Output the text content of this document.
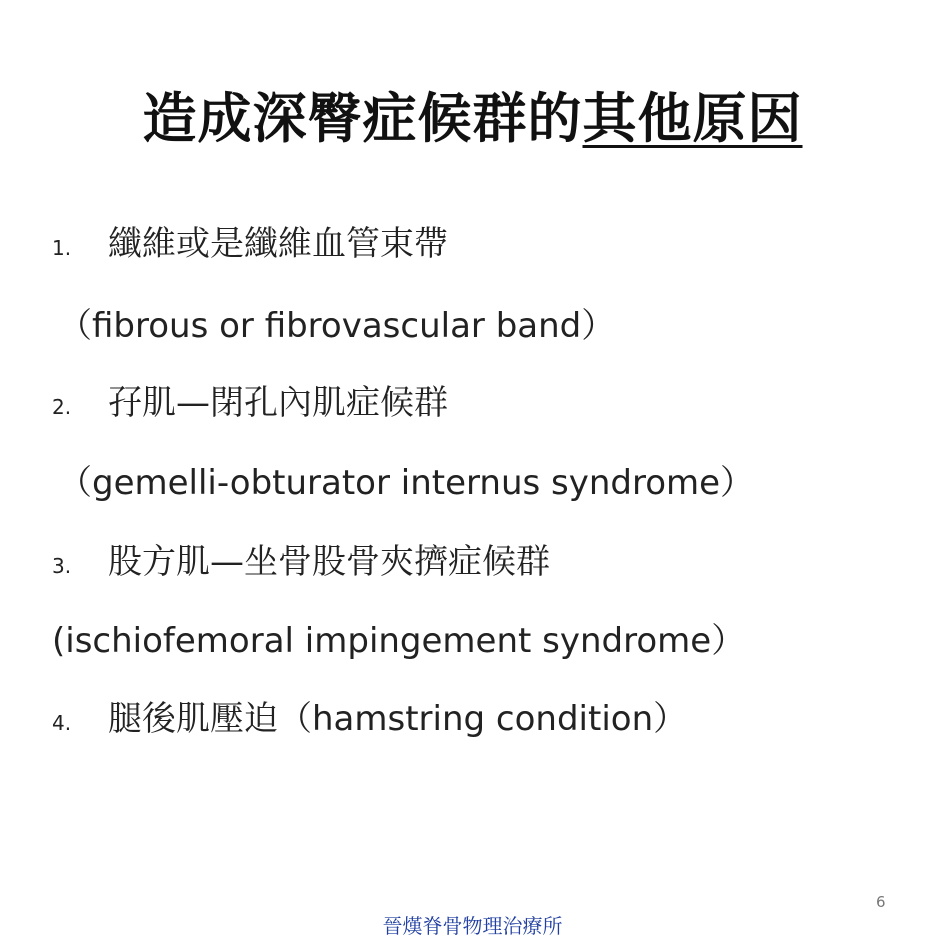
造成深臀症候群的其他原因
1. 纖維或是纖維血管束帶
（fibrous or fibrovascular band）
2. 孖肌—閉孔內肌症候群
（gemelli-obturator internus syndrome）
3. 股方肌—坐骨股骨夾擠症候群
(ischiofemoral impingement syndrome）
4. 腿後肌壓迫（hamstring condition）
6
晉熯脊骨物理治療所
